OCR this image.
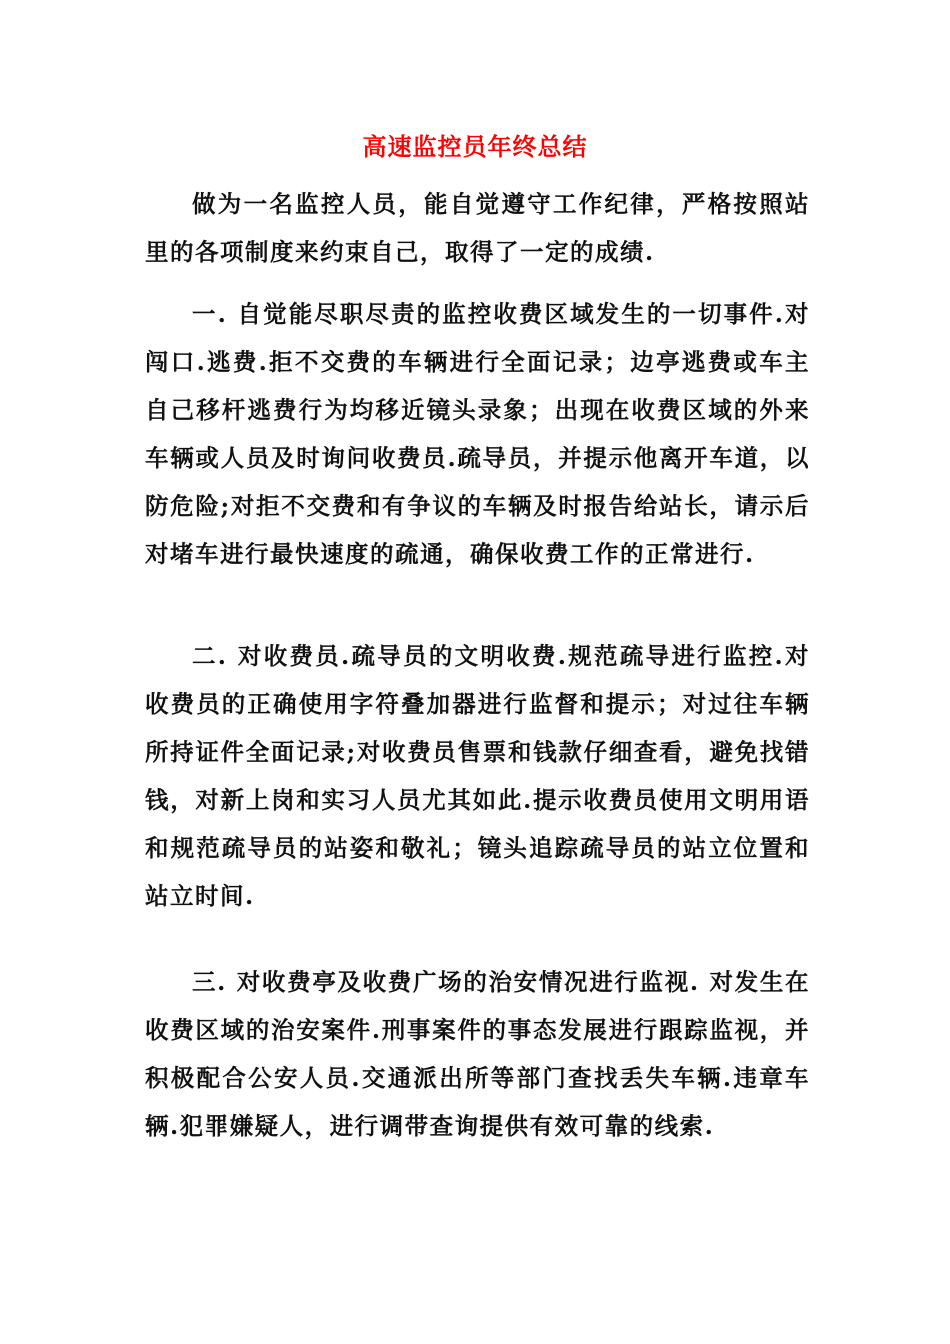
高速监控员年终总结

做为一名监控人员，能自觉遵守工作纪律，严格按照站里的各项制度来约束自己，取得了一定的成绩.

一. 自觉能尽职尽责的监控收费区域发生的一切事件.对闯口.逃费.拒不交费的车辆进行全面记录；边亭逃费或车主自己移杆逃费行为均移近镜头录象；出现在收费区域的外来车辆或人员及时询问收费员.疏导员，并提示他离开车道，以防危险;对拒不交费和有争议的车辆及时报告给站长，请示后对堵车进行最快速度的疏通，确保收费工作的正常进行.

二. 对收费员.疏导员的文明收费.规范疏导进行监控.对收费员的正确使用字符叠加器进行监督和提示；对过往车辆所持证件全面记录;对收费员售票和钱款仔细查看，避免找错钱，对新上岗和实习人员尤其如此.提示收费员使用文明用语和规范疏导员的站姿和敬礼；镜头追踪疏导员的站立位置和站立时间.

三. 对收费亭及收费广场的治安情况进行监视. 对发生在收费区域的治安案件.刑事案件的事态发展进行跟踪监视，并积极配合公安人员.交通派出所等部门查找丢失车辆.违章车辆.犯罪嫌疑人，进行调带查询提供有效可靠的线索.
